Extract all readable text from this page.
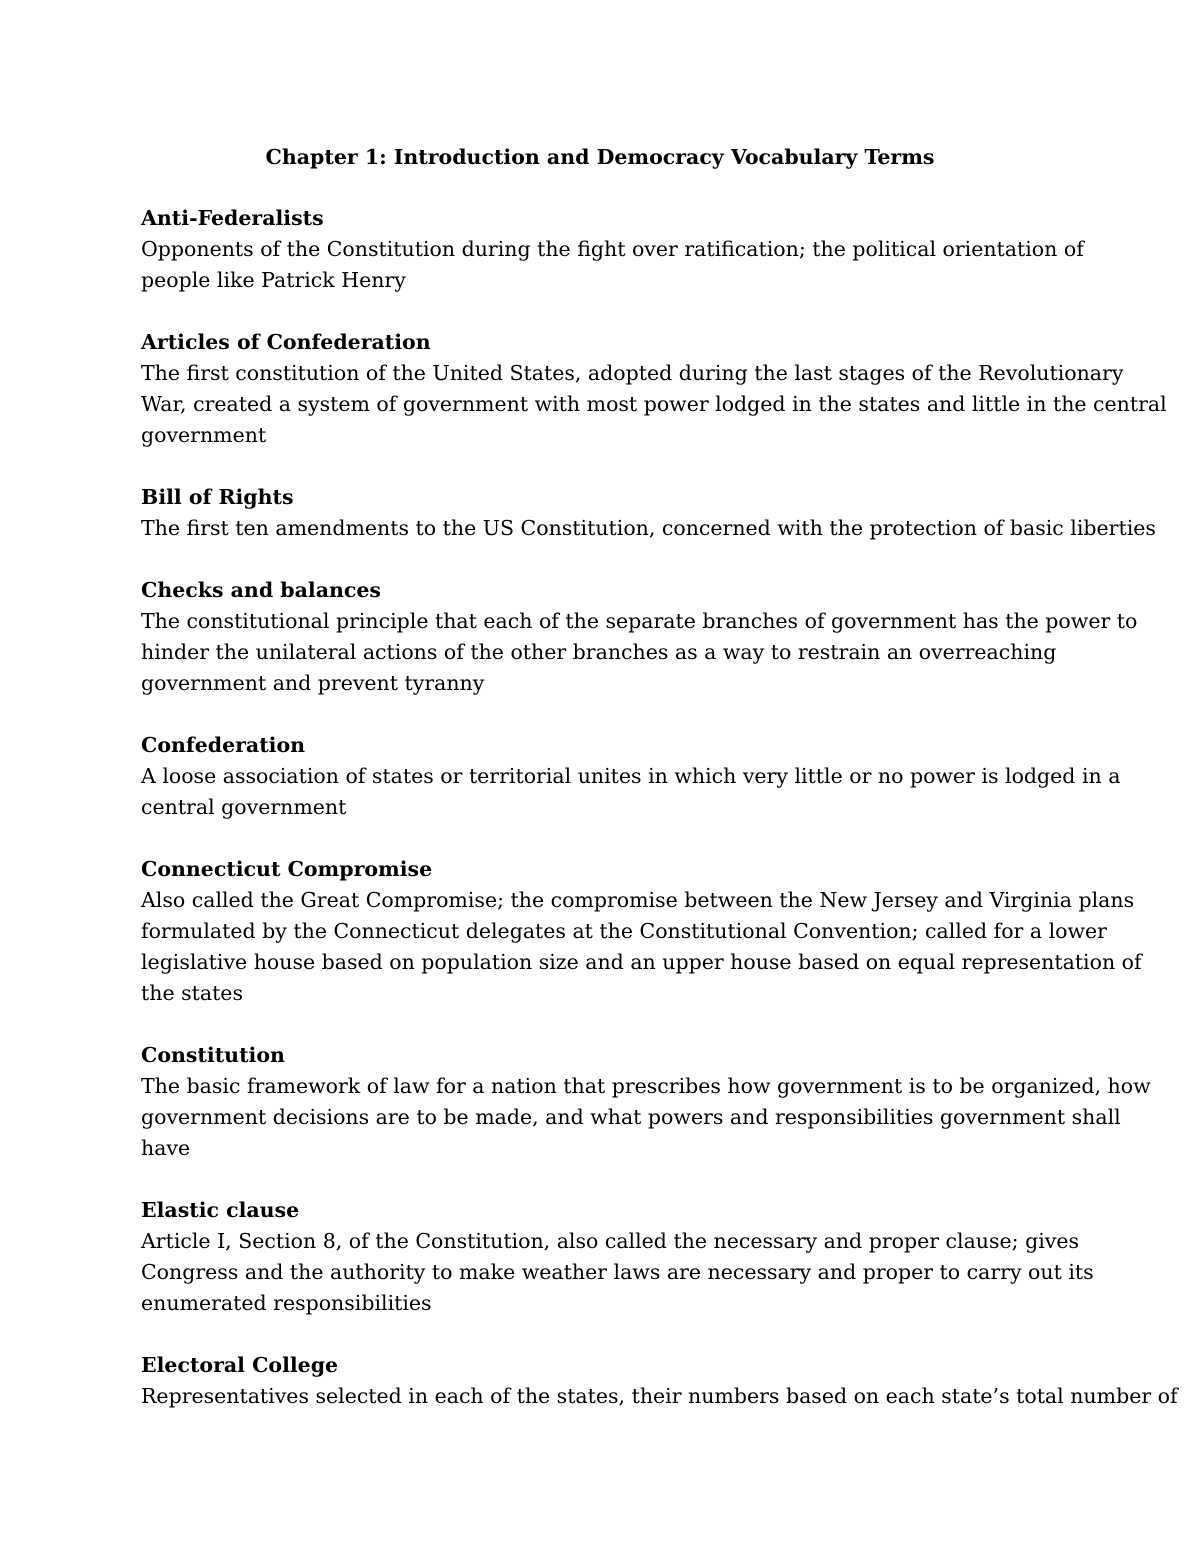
Chapter 1: Introduction and Democracy Vocabulary Terms
Anti-Federalists
Opponents of the Constitution during the fight over ratification; the political orientation of
people like Patrick Henry
Articles of Confederation
The first constitution of the United States, adopted during the last stages of the Revolutionary
War, created a system of government with most power lodged in the states and little in the central
government
Bill of Rights
The first ten amendments to the US Constitution, concerned with the protection of basic liberties
Checks and balances
The constitutional principle that each of the separate branches of government has the power to
hinder the unilateral actions of the other branches as a way to restrain an overreaching
government and prevent tyranny
Confederation
A loose association of states or territorial unites in which very little or no power is lodged in a
central government
Connecticut Compromise
Also called the Great Compromise; the compromise between the New Jersey and Virginia plans
formulated by the Connecticut delegates at the Constitutional Convention; called for a lower
legislative house based on population size and an upper house based on equal representation of
the states
Constitution
The basic framework of law for a nation that prescribes how government is to be organized, how
government decisions are to be made, and what powers and responsibilities government shall
have
Elastic clause
Article I, Section 8, of the Constitution, also called the necessary and proper clause; gives
Congress and the authority to make weather laws are necessary and proper to carry out its
enumerated responsibilities
Electoral College
Representatives selected in each of the states, their numbers based on each state’s total number of
